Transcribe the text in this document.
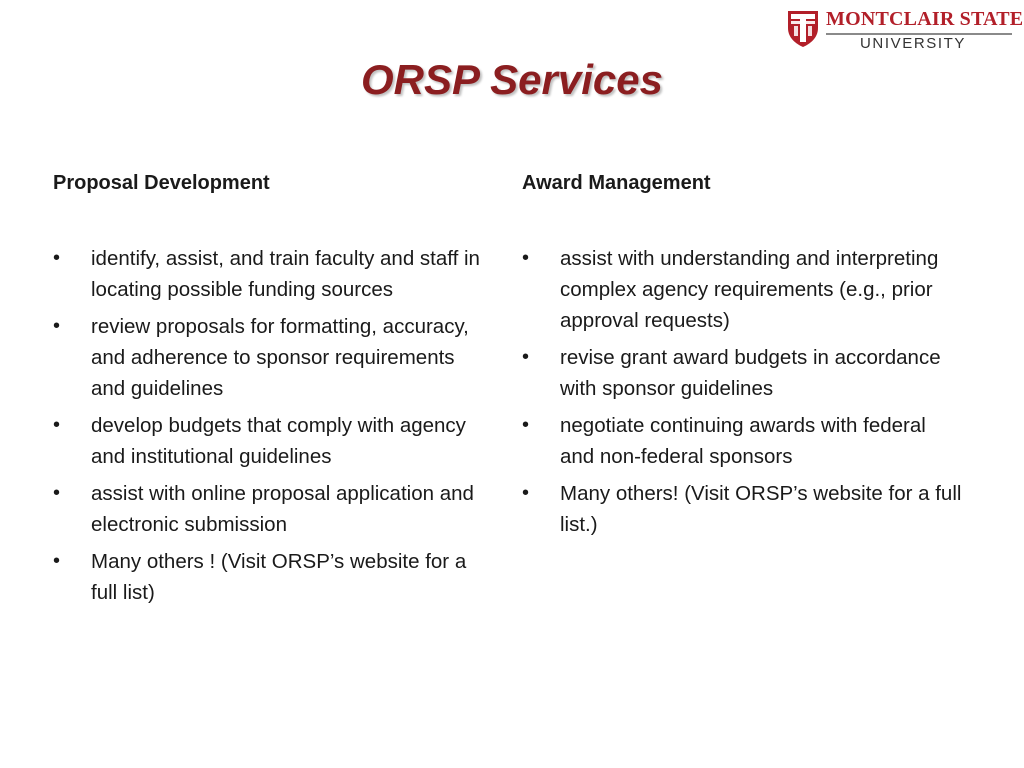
MONTCLAIR STATE
UNIVERSITY
ORSP Services
Proposal Development
•	identify, assist, and train faculty and staff in locating possible funding sources
•	review proposals for formatting, accuracy, and adherence to sponsor requirements and guidelines
•	develop budgets that comply with agency and institutional guidelines
•	assist with online proposal application and electronic submission
•	Many others ! (Visit ORSP’s website for a full list)
Award Management
•	assist with understanding and interpreting complex agency requirements (e.g., prior approval requests)
•	revise grant award budgets in accordance with sponsor guidelines
•	negotiate continuing awards with federal and non-federal sponsors
•	Many others! (Visit ORSP’s website for a full list.)
